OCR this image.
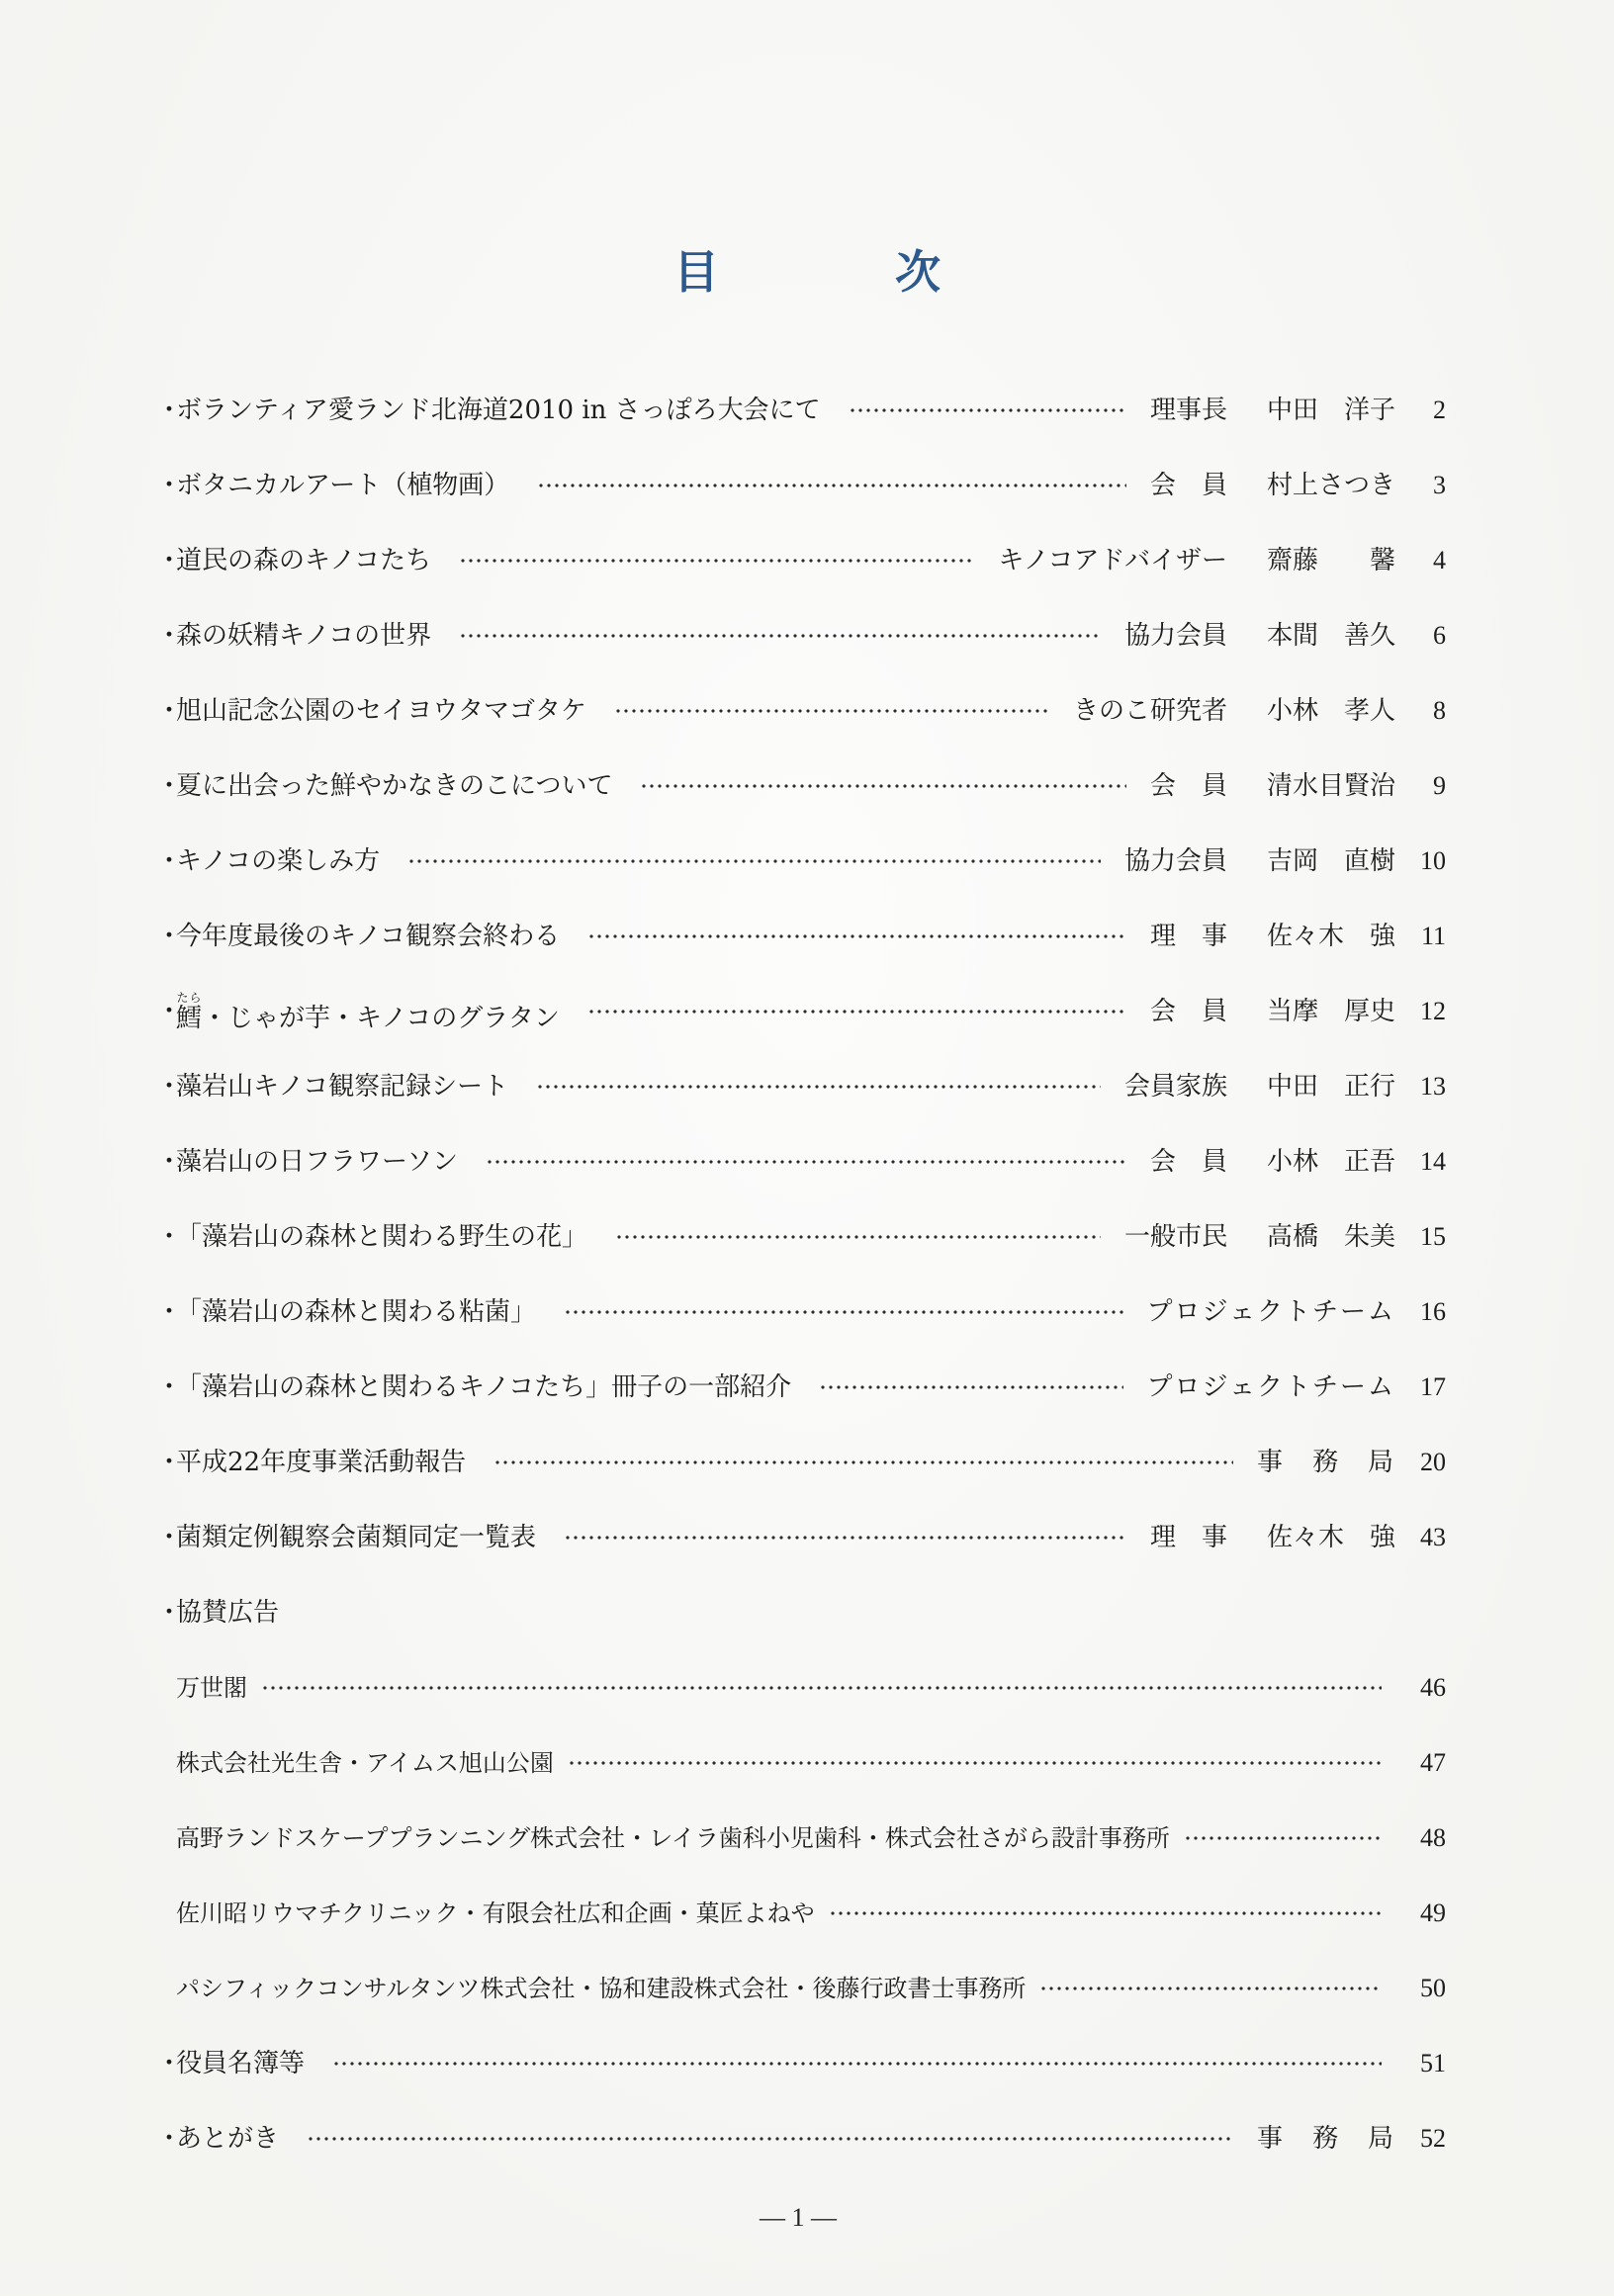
目次
・
ボランティア愛ランド北海道2010 in さっぽろ大会にて	理事長	中田　洋子	2
・
ボタニカルアート（植物画）	会　員	村上さつき	3
・
道民の森のキノコたち	キノコアドバイザー	齋藤　　馨	4
・
森の妖精キノコの世界	協力会員	本間　善久	6
・
旭山記念公園のセイヨウタマゴタケ	きのこ研究者	小林　孝人	8
・
夏に出会った鮮やかなきのこについて	会　員	清水目賢治	9
・
キノコの楽しみ方	協力会員	吉岡　直樹 10
・
今年度最後のキノコ観察会終わる	理　事	佐々木　強 11
・
鱈たら・じゃが芋・キノコのグラタン	会　員	当摩　厚史 12
・
藻岩山キノコ観察記録シート	会員家族	中田　正行 13
・
藻岩山の日フラワーソン	会　員	小林　正吾 14
・
「藻岩山の森林と関わる野生の花」	一般市民	高橋　朱美 15
・
「藻岩山の森林と関わる粘菌」	プロジェクトチーム 16
・
「藻岩山の森林と関わるキノコたち」冊子の一部紹介	プロジェクトチーム 17
・
平成22年度事業活動報告	事　務　局 20
・
菌類定例観察会菌類同定一覧表	理　事	佐々木　強 43
・
協賛広告
万世閣	46
株式会社光生舎・アイムス旭山公園	47
高野ランドスケーププランニング株式会社・レイラ歯科小児歯科・株式会社さがら設計事務所	48
佐川昭リウマチクリニック・有限会社広和企画・菓匠よねや	49
パシフィックコンサルタンツ株式会社・協和建設株式会社・後藤行政書士事務所	50
・
役員名簿等	51
・
あとがき	事　務　局 52
— 1 —
